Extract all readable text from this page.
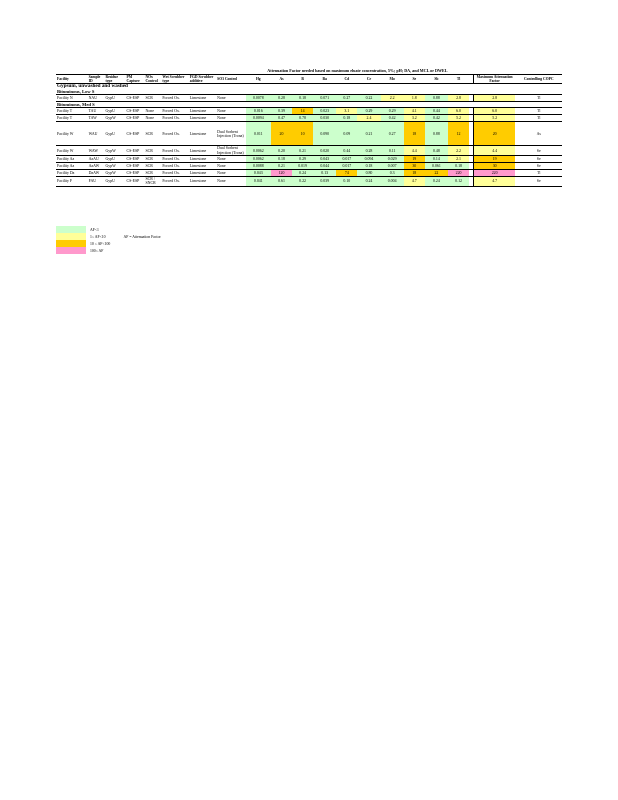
								Attenuation Factor needed based on maximum eluate concentration, 5%; pH; DA, and MCL or DWEL												
Facility	Sample ID	Residue type	PM Capture	NOx Control	Wet Scrubber type	FGD Scrubber additive	SO3 Control	Hg	As	B	Ba	Cd	Cr	Mo	Se	Sb	Tl		Maximum Attenuation Factor	Controlling COPC
Gypsum, unwashed and washed																				
Bituminous, Low S																				
Facility N	NAU	GypU	CS-ESP	SCR	Forced Ox.	Limestone	None	0.0078	0.28	0.18	0.071	0.27	0.22	2.2	1.8	0.88	2.8		2.8	Tl
Bituminous, Med S																				
Facility T	TAU	GypU	CS-ESP	None	Forced Ox.	Limestone	None	0.016	0.39	14	0.023	3.1	0.29	0.29	4.1	0.44	6.0		6.0	Tl
Facility T	TAW	GypW	CS-ESP	None	Forced Ox.	Limestone	None	0.0094	0.47	0.78	0.030	0.18	2.4	0.42	3.2	0.42	5.2		5.2	Tl
Facility W	WAU	GypU	CS-ESP	SCR	Forced Ox.	Limestone	Dual Sorbent Injection (Trona)	0.011	20	10	0.090	0.09	0.21	0.27	18	0.88	12		20	As
Facility W	WAW	GypW	CS-ESP	SCR	Forced Ox.	Limestone	Dual Sorbent Injection (Trona)	0.0062	0.20	0.21	0.020	0.44	0.28	0.11	4.4	0.48	2.2		4.4	Se
Facility Aa	AaAU	GypU	CS-ESP	SCR	Forced Ox.	Limestone	None	0.0062	0.18	0.29	0.043	0.017	0.094	0.029	19	0.14	2.1		19	Se
Facility Aa	AaAW	GypW	CS-ESP	SCR	Forced Ox.	Limestone	None	0.0088	0.21	0.019	0.044	0.017	0.18	0.007	30	0.061	0.18		30	Se
Facility Da	DaAW	GypW	CS-ESP	SCR	Forced Ox.	Limestone	None	0.043	120	0.24	0.13	74	0.80	0.3	18	22	220		220	Tl
Facility F	FAU	GypU	CS-ESP	SCR / SNCR	Forced Ox.	Limestone	None	0.041	0.61	0.22	0.039	0.10	0.24	0.004	4.7	0.24	0.12		4.7	Se
AF<1
1≤ AF<10	AF = Attenuation Factor
10 ≤ AF<100
100≤ AF
